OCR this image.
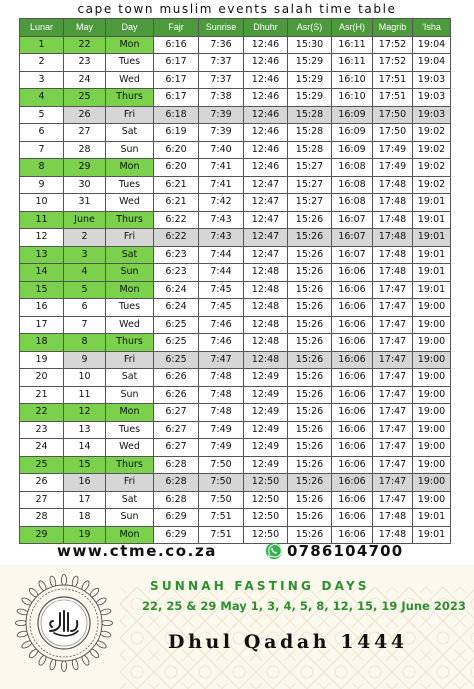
cape town muslim events salah time table
Lunar	May	Day	Fajr	Sunrise	Dhuhr	Asr(S)	Asr(H)	Magrib	'Isha
1	22	Mon	6:16	7:36	12:46	15:30	16:11	17:52	19:04
2	23	Tues	6:17	7:37	12:46	15:29	16:11	17:52	19:04
3	24	Wed	6:17	7:37	12:46	15:29	16:10	17:51	19:03
4	25	Thurs	6:17	7:38	12:46	15:29	16:10	17:51	19:03
5	26	Fri	6:18	7:39	12:46	15:28	16:09	17:50	19:03
6	27	Sat	6:19	7:39	12:46	15:28	16:09	17:50	19:02
7	28	Sun	6:20	7:40	12:46	15:28	16:09	17:49	19:02
8	29	Mon	6:20	7:41	12:46	15:27	16:08	17:49	19:02
9	30	Tues	6:21	7:41	12:47	15:27	16:08	17:48	19:02
10	31	Wed	6:21	7:42	12:47	15:27	16:08	17:48	19:01
11	June	Thurs	6:22	7:43	12:47	15:26	16:07	17:48	19:01
12	2	Fri	6:22	7:43	12:47	15:26	16:07	17:48	19:01
13	3	Sat	6:23	7:44	12:47	15:26	16:07	17:48	19:01
14	4	Sun	6:23	7:44	12:48	15:26	16:06	17:48	19:01
15	5	Mon	6:24	7:45	12:48	15:26	16:06	17:47	19:01
16	6	Tues	6:24	7:45	12:48	15:26	16:06	17:47	19:00
17	7	Wed	6:25	7:46	12:48	15:26	16:06	17:47	19:00
18	8	Thurs	6:25	7:46	12:48	15:26	16:06	17:47	19:00
19	9	Fri	6:25	7:47	12:48	15:26	16:06	17:47	19:00
20	10	Sat	6:26	7:48	12:49	15:26	16:06	17:47	19:00
21	11	Sun	6:26	7:48	12:49	15:26	16:06	17:47	19:00
22	12	Mon	6:27	7:48	12:49	15:26	16:06	17:47	19:00
23	13	Tues	6:27	7:49	12:49	15:26	16:06	17:47	19:00
24	14	Wed	6:27	7:49	12:49	15:26	16:06	17:47	19:00
25	15	Thurs	6:28	7:50	12:49	15:26	16:06	17:47	19:00
26	16	Fri	6:28	7:50	12:50	15:26	16:06	17:47	19:00
27	17	Sat	6:28	7:50	12:50	15:26	16:06	17:47	19:00
28	18	Sun	6:29	7:51	12:50	15:26	16:06	17:48	19:01
29	19	Mon	6:29	7:51	12:50	15:26	16:06	17:48	19:01
www.ctme.co.za	0786104700
SUNNAH FASTING DAYS
22, 25 & 29 May 1, 3, 4, 5, 8, 12, 15, 19 June 2023
Dhul Qadah 1444
